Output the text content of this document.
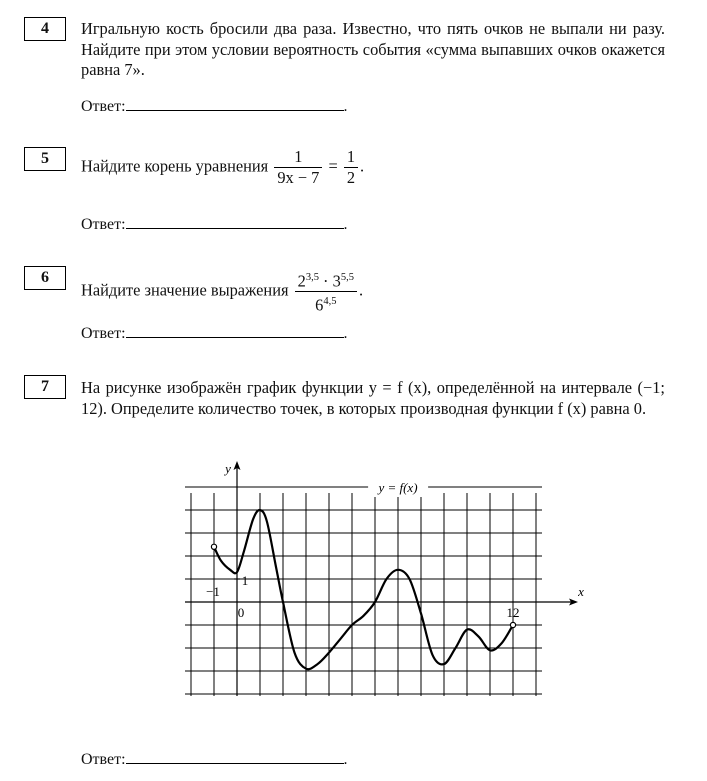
4	Игральную кость бросили два раза. Известно, что пять очков не выпали ни разу. Найдите при этом условии вероятность события «сумма выпавших очков окажется равна 7».
Ответ:	.
5	Найдите корень уравнения $\frac{1}{9x - 7} = \frac{1}{2}$ .
Ответ:	.
6
Найдите значение выражения $\frac{2^{3,5} \cdot 3^{5,5}}{6^{4,5}}$ .
Ответ:	.
7	На рисунке изображён график функции y = f (x), определённой на интервале (−1; 12). Определите количество точек, в которых производная функции f (x) равна 0.
y = f(x)
x
y
−1
0	12
1
Ответ:	.
